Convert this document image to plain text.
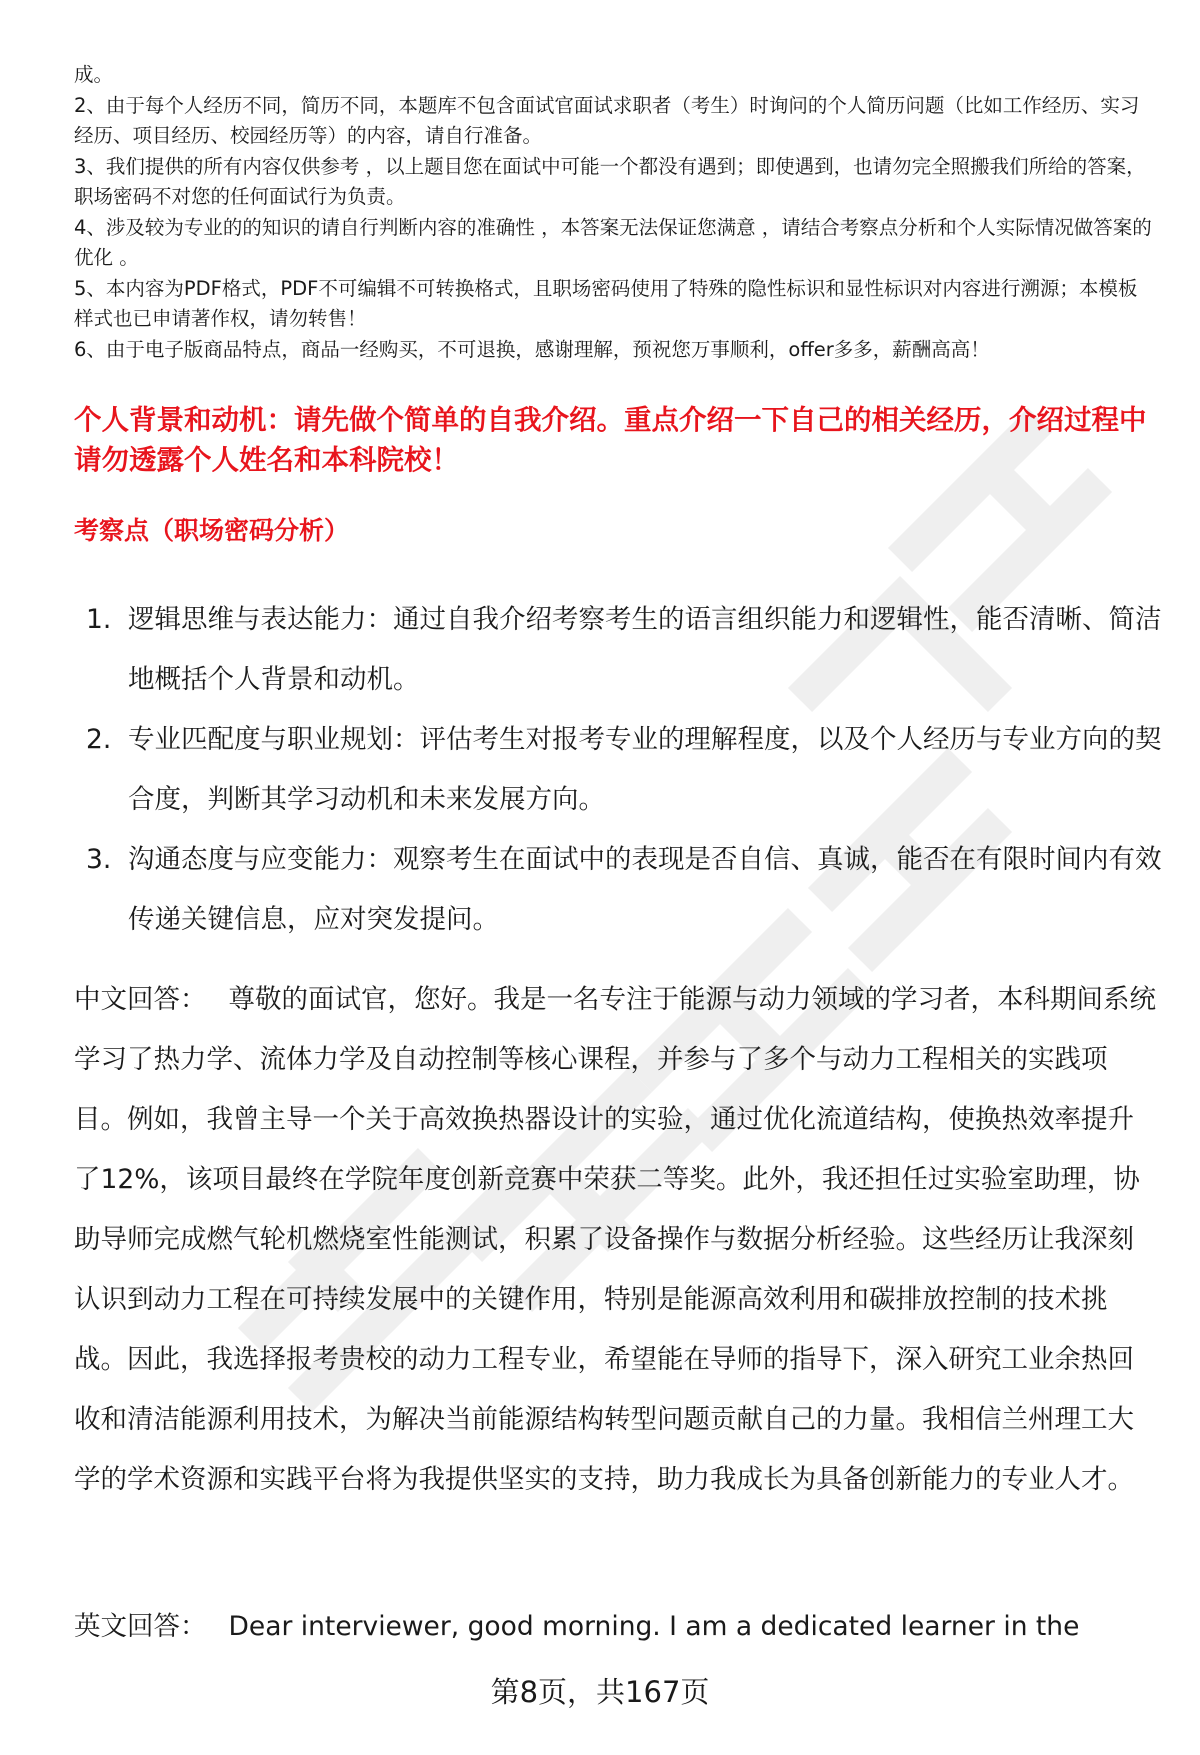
成。

2、由于每个人经历不同，简历不同，本题库不包含面试官面试求职者（考生）时询问的个人简历问题（比如工作经历、实习经历、项目经历、校园经历等）的内容，请自行准备。

3、我们提供的所有内容仅供参考 ，以上题目您在面试中可能一个都没有遇到；即使遇到，也请勿完全照搬我们所给的答案，职场密码不对您的任何面试行为负责。

4、涉及较为专业的的知识的请自行判断内容的准确性 ，本答案无法保证您满意 ，请结合考察点分析和个人实际情况做答案的优化 。

5、本内容为PDF格式，PDF不可编辑不可转换格式，且职场密码使用了特殊的隐性标识和显性标识对内容进行溯源；本模板样式也已申请著作权，请勿转售！

6、由于电子版商品特点，商品一经购买，不可退换，感谢理解，预祝您万事顺利，offer多多，薪酬高高！

个人背景和动机：请先做个简单的自我介绍。重点介绍一下自己的相关经历，介绍过程中请勿透露个人姓名和本科院校！
考察点（职场密码分析）
1. 逻辑思维与表达能力：通过自我介绍考察考生的语言组织能力和逻辑性，能否清晰、简洁地概括个人背景和动机。
2. 专业匹配度与职业规划：评估考生对报考专业的理解程度，以及个人经历与专业方向的契合度，判断其学习动机和未来发展方向。
3. 沟通态度与应变能力：观察考生在面试中的表现是否自信、真诚，能否在有限时间内有效传递关键信息，应对突发提问。

中文回答： 尊敬的面试官，您好。我是一名专注于能源与动力领域的学习者，本科期间系统学习了热力学、流体力学及自动控制等核心课程，并参与了多个与动力工程相关的实践项目。例如，我曾主导一个关于高效换热器设计的实验，通过优化流道结构，使换热效率提升了12%，该项目最终在学院年度创新竞赛中荣获二等奖。此外，我还担任过实验室助理，协助导师完成燃气轮机燃烧室性能测试，积累了设备操作与数据分析经验。这些经历让我深刻认识到动力工程在可持续发展中的关键作用，特别是能源高效利用和碳排放控制的技术挑战。因此，我选择报考贵校的动力工程专业，希望能在导师的指导下，深入研究工业余热回收和清洁能源利用技术，为解决当前能源结构转型问题贡献自己的力量。我相信兰州理工大学的学术资源和实践平台将为我提供坚实的支持，助力我成长为具备创新能力的专业人才。

英文回答： Dear interviewer, good morning. I am a dedicated learner in the

第8页，共167页
